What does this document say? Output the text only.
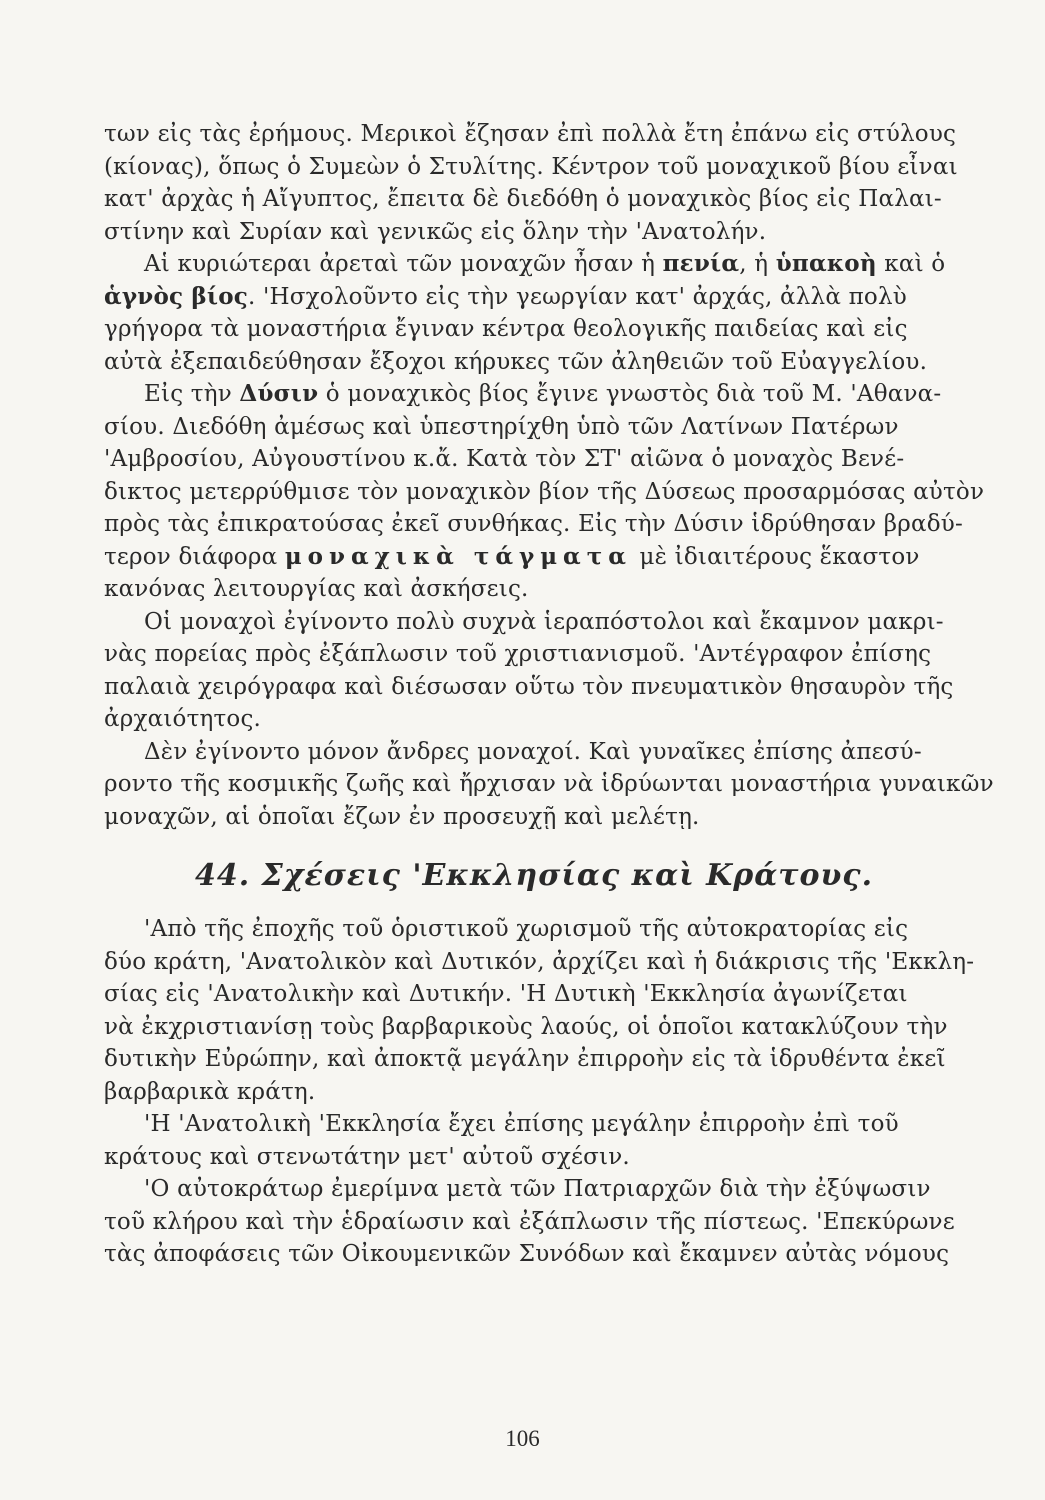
των εἰς τὰς ἐρήμους. Μερικοὶ ἔζησαν ἐπὶ πολλὰ ἔτη ἐπάνω εἰς στύλους
(κίονας), ὅπως ὁ Συμεὼν ὁ Στυλίτης. Κέντρον τοῦ μοναχικοῦ βίου εἶναι
κατ' ἀρχὰς ἡ Αἴγυπτος, ἔπειτα δὲ διεδόθη ὁ μοναχικὸς βίος εἰς Παλαι-
στίνην καὶ Συρίαν καὶ γενικῶς εἰς ὅλην τὴν 'Ανατολήν.
Αἱ κυριώτεραι ἀρεταὶ τῶν μοναχῶν ἦσαν ἡ πενία, ἡ ὑπακοὴ καὶ ὁ
ἁγνὸς βίος. 'Ησχολοῦντο εἰς τὴν γεωργίαν κατ' ἀρχάς, ἀλλὰ πολὺ
γρήγορα τὰ μοναστήρια ἔγιναν κέντρα θεολογικῆς παιδείας καὶ εἰς
αὐτὰ ἐξεπαιδεύθησαν ἔξοχοι κήρυκες τῶν ἀληθειῶν τοῦ Εὐαγγελίου.
Εἰς τὴν Δύσιν ὁ μοναχικὸς βίος ἔγινε γνωστὸς διὰ τοῦ Μ. 'Αθανα-
σίου. Διεδόθη ἀμέσως καὶ ὑπεστηρίχθη ὑπὸ τῶν Λατίνων Πατέρων
'Αμβροσίου, Αὐγουστίνου κ.ἄ. Κατὰ τὸν ΣΤ' αἰῶνα ὁ μοναχὸς Βενέ-
δικτος μετερρύθμισε τὸν μοναχικὸν βίον τῆς Δύσεως προσαρμόσας αὐτὸν
πρὸς τὰς ἐπικρατούσας ἐκεῖ συνθήκας. Εἰς τὴν Δύσιν ἱδρύθησαν βραδύ-
τερον διάφορα μοναχικὰ τάγματα μὲ ἰδιαιτέρους ἕκαστον
κανόνας λειτουργίας καὶ ἀσκήσεις.
Οἱ μοναχοὶ ἐγίνοντο πολὺ συχνὰ ἱεραπόστολοι καὶ ἔκαμνον μακρι-
νὰς πορείας πρὸς ἐξάπλωσιν τοῦ χριστιανισμοῦ. 'Αντέγραφον ἐπίσης
παλαιὰ χειρόγραφα καὶ διέσωσαν οὕτω τὸν πνευματικὸν θησαυρὸν τῆς
ἀρχαιότητος.
Δὲν ἐγίνοντο μόνον ἄνδρες μοναχοί. Καὶ γυναῖκες ἐπίσης ἀπεσύ-
ροντο τῆς κοσμικῆς ζωῆς καὶ ἤρχισαν νὰ ἱδρύωνται μοναστήρια γυναικῶν
μοναχῶν, αἱ ὁποῖαι ἔζων ἐν προσευχῇ καὶ μελέτῃ.
44. Σχέσεις 'Εκκλησίας καὶ Κράτους.
'Απὸ τῆς ἐποχῆς τοῦ ὁριστικοῦ χωρισμοῦ τῆς αὐτοκρατορίας εἰς
δύο κράτη, 'Ανατολικὸν καὶ Δυτικόν, ἀρχίζει καὶ ἡ διάκρισις τῆς 'Εκκλη-
σίας εἰς 'Ανατολικὴν καὶ Δυτικήν. 'Η Δυτικὴ 'Εκκλησία ἀγωνίζεται
νὰ ἐκχριστιανίσῃ τοὺς βαρβαρικοὺς λαούς, οἱ ὁποῖοι κατακλύζουν τὴν
δυτικὴν Εὐρώπην, καὶ ἀποκτᾷ μεγάλην ἐπιρροὴν εἰς τὰ ἱδρυθέντα ἐκεῖ
βαρβαρικὰ κράτη.
'Η 'Ανατολικὴ 'Εκκλησία ἔχει ἐπίσης μεγάλην ἐπιρροὴν ἐπὶ τοῦ
κράτους καὶ στενωτάτην μετ' αὐτοῦ σχέσιν.
'Ο αὐτοκράτωρ ἐμερίμνα μετὰ τῶν Πατριαρχῶν διὰ τὴν ἐξύψωσιν
τοῦ κλήρου καὶ τὴν ἑδραίωσιν καὶ ἐξάπλωσιν τῆς πίστεως. 'Επεκύρωνε
τὰς ἀποφάσεις τῶν Οἰκουμενικῶν Συνόδων καὶ ἔκαμνεν αὐτὰς νόμους
106
